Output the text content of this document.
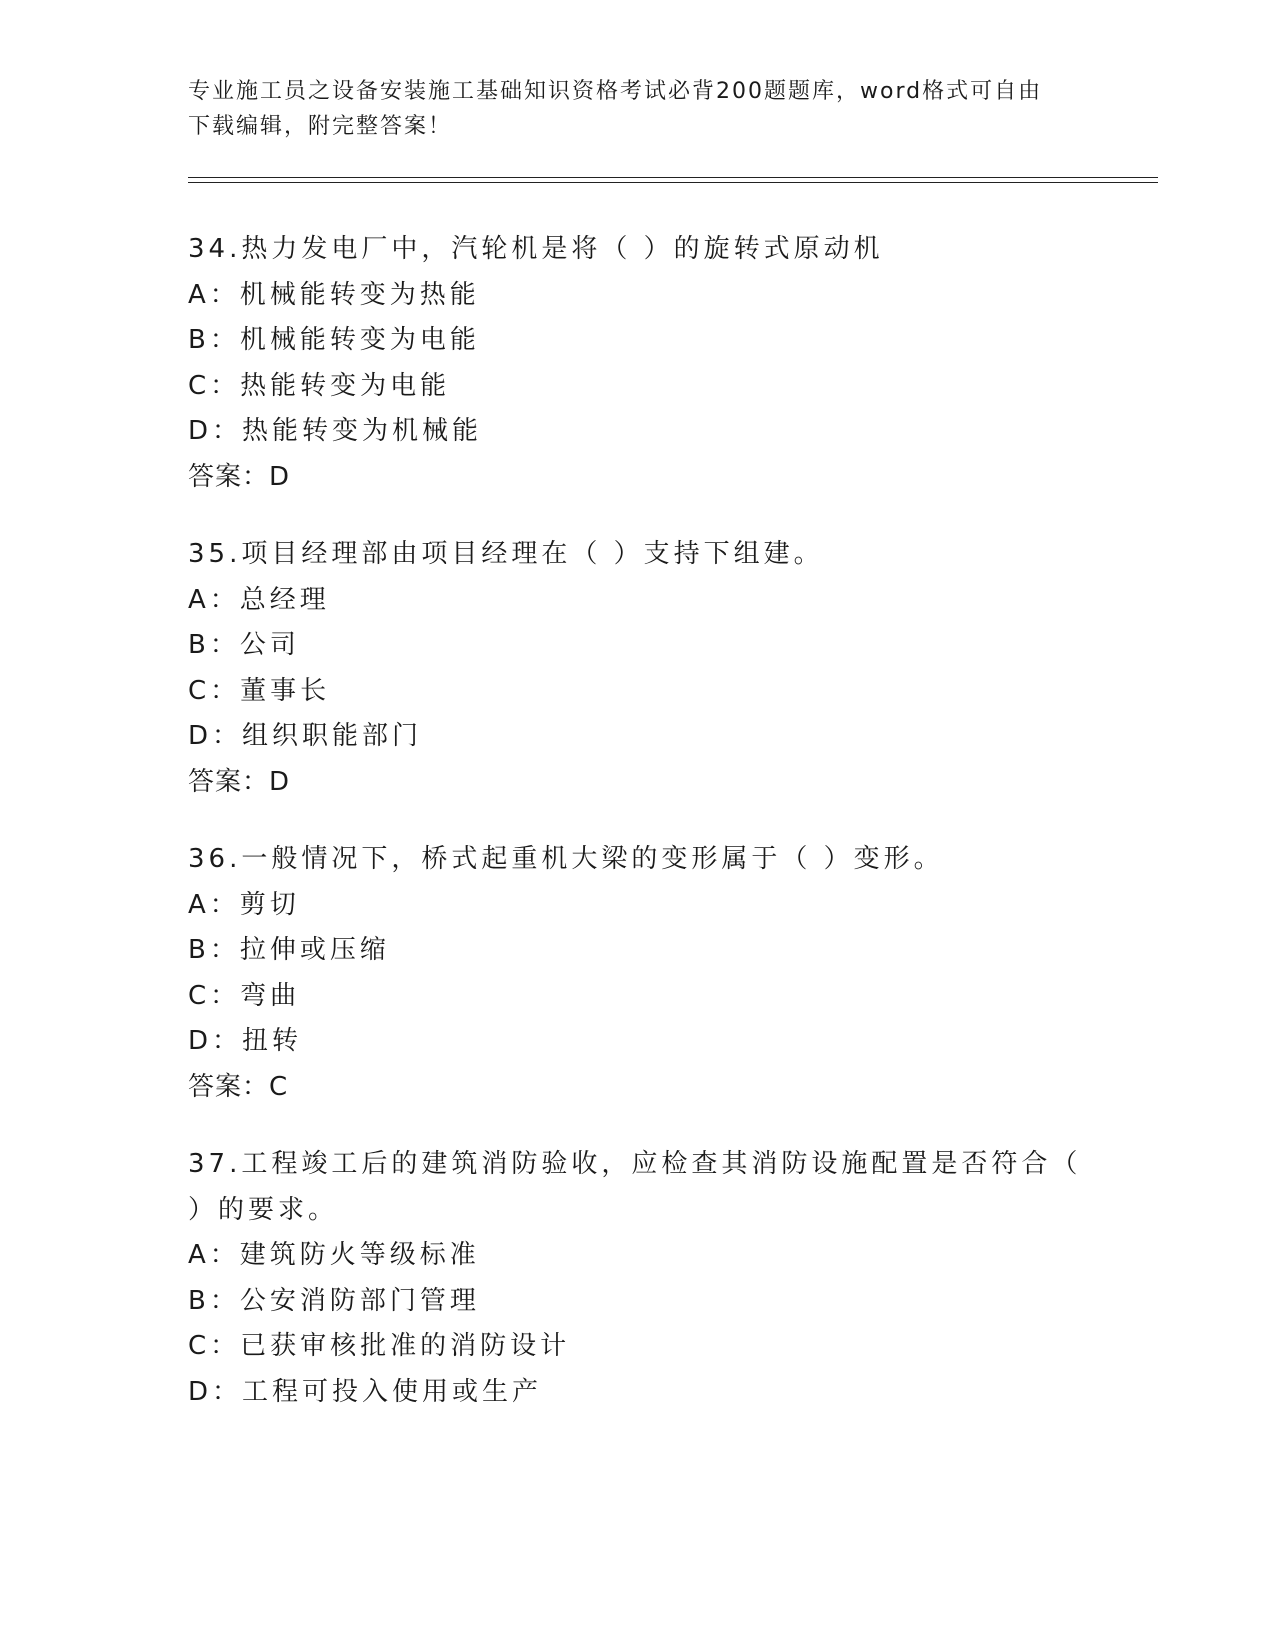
专业施工员之设备安装施工基础知识资格考试必背200题题库，word格式可自由
下载编辑，附完整答案！
34.热力发电厂中，汽轮机是将（ ）的旋转式原动机
A：机械能转变为热能
B：机械能转变为电能
C：热能转变为电能
D：热能转变为机械能
答案：D
35.项目经理部由项目经理在（ ）支持下组建。
A：总经理
B：公司
C：董事长
D：组织职能部门
答案：D
36.一般情况下，桥式起重机大梁的变形属于（ ）变形。
A：剪切
B：拉伸或压缩
C：弯曲
D：扭转
答案：C
37.工程竣工后的建筑消防验收，应检查其消防设施配置是否符合（
）的要求。
A：建筑防火等级标准
B：公安消防部门管理
C：已获审核批准的消防设计
D：工程可投入使用或生产
